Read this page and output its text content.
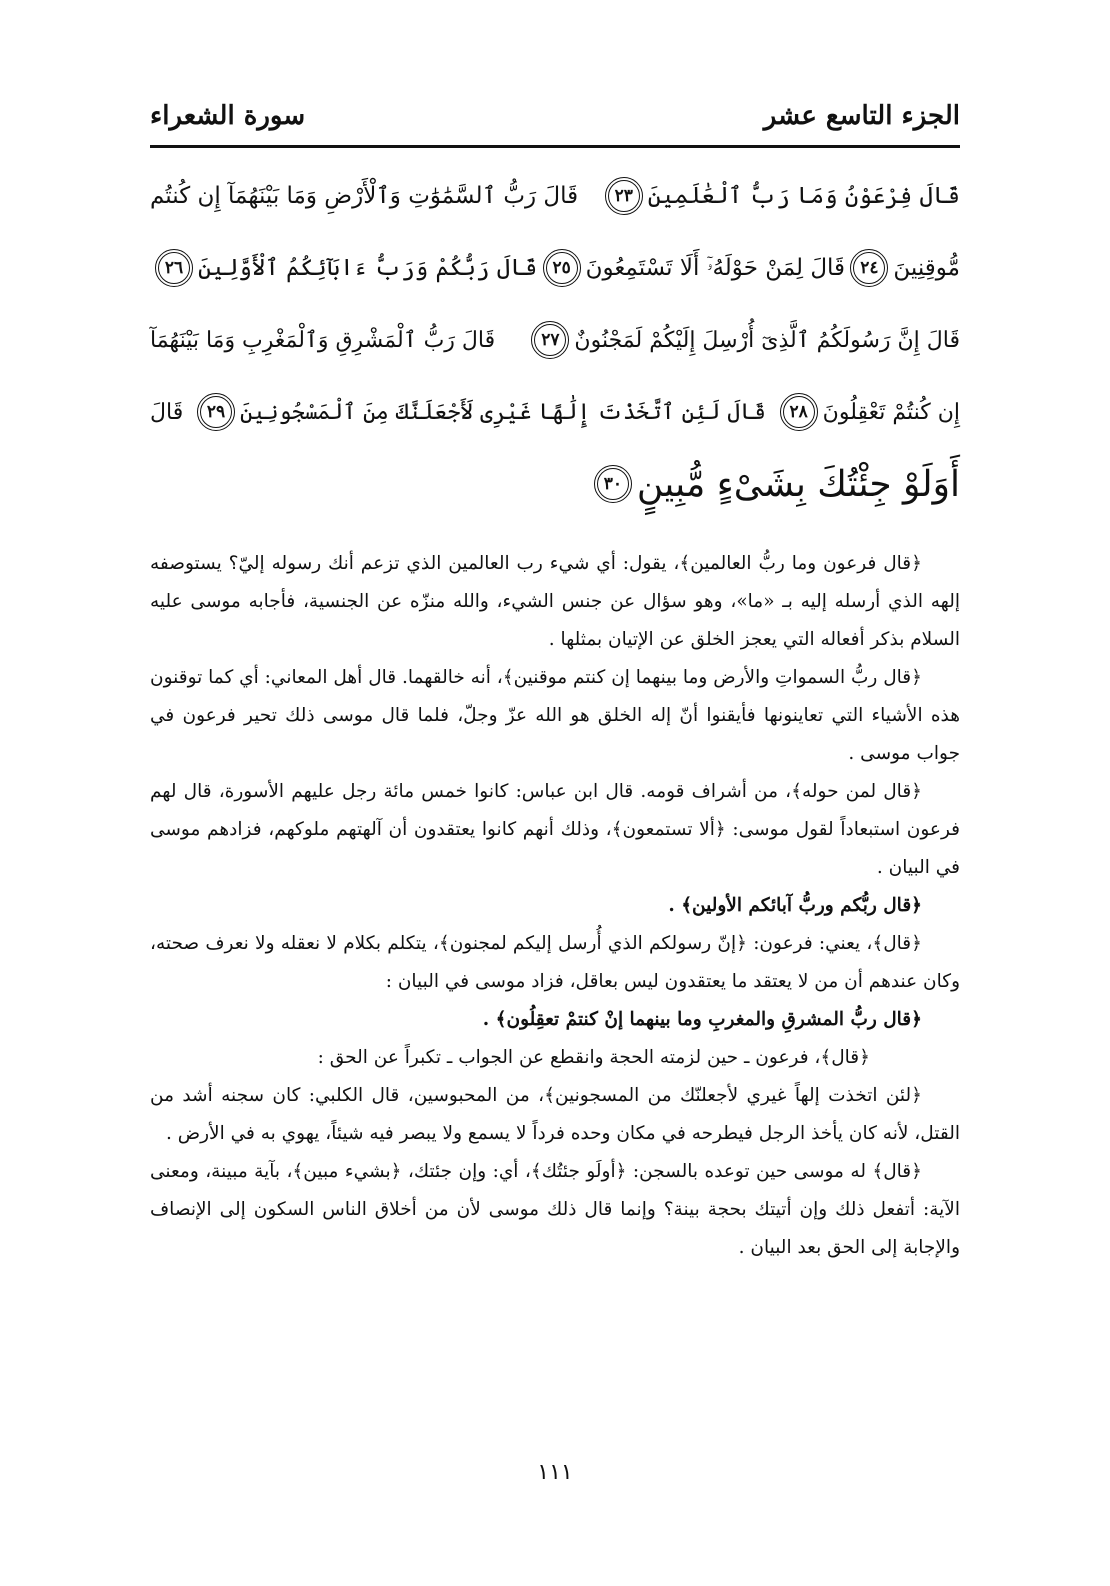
الجزء التاسع عشر
سورة الشعراء
قَالَ فِرْعَوْنُ وَمَا رَبُّ ٱلْعَٰلَمِينَ
٢٣
قَالَ رَبُّ ٱلسَّمَٰوَٰتِ وَٱلْأَرْضِ وَمَا بَيْنَهُمَآ إِن كُنتُم
مُّوقِنِينَ
٢٤
قَالَ لِمَنْ حَوْلَهُۥٓ أَلَا تَسْتَمِعُونَ
٢٥
قَالَ رَبُّكُمْ وَرَبُّ ءَابَآئِكُمُ ٱلْأَوَّلِينَ
٢٦
قَالَ إِنَّ رَسُولَكُمُ ٱلَّذِىٓ أُرْسِلَ إِلَيْكُمْ لَمَجْنُونٌ
٢٧
قَالَ رَبُّ ٱلْمَشْرِقِ وَٱلْمَغْرِبِ وَمَا بَيْنَهُمَآ
إِن كُنتُمْ تَعْقِلُونَ
٢٨
قَالَ لَئِنِ ٱتَّخَذْتَ إِلَٰهًا غَيْرِى لَأَجْعَلَنَّكَ مِنَ ٱلْمَسْجُونِينَ
٢٩
قَالَ
أَوَلَوْ جِئْتُكَ بِشَىْءٍ مُّبِينٍ
٣٠

﴿قال فرعون وما ربُّ العالمين﴾، يقول: أي شيء رب العالمين الذي تزعم أنك رسوله إليّ؟ يستوصفه إلهه الذي أرسله إليه بـ «ما»، وهو سؤال عن جنس الشيء، والله منزّه عن الجنسية، فأجابه موسى عليه السلام بذكر أفعاله التي يعجز الخلق عن الإتيان بمثلها .

﴿قال ربُّ السمواتِ والأرض وما بينهما إن كنتم موقنين﴾، أنه خالقهما. قال أهل المعاني: أي كما توقنون هذه الأشياء التي تعاينونها فأيقنوا أنّ إله الخلق هو الله عزّ وجلّ، فلما قال موسى ذلك تحير فرعون في جواب موسى .

﴿قال لمن حوله﴾، من أشراف قومه. قال ابن عباس: كانوا خمس مائة رجل عليهم الأسورة، قال لهم فرعون استبعاداً لقول موسى: ﴿ألا تستمعون﴾، وذلك أنهم كانوا يعتقدون أن آلهتهم ملوكهم، فزادهم موسى في البيان .

﴿قال ربُّكم وربُّ آبائكم الأولين﴾ .

﴿قال﴾، يعني: فرعون: ﴿إنّ رسولكم الذي أُرسل إليكم لمجنون﴾، يتكلم بكلام لا نعقله ولا نعرف صحته، وكان عندهم أن من لا يعتقد ما يعتقدون ليس بعاقل، فزاد موسى في البيان :

﴿قال ربُّ المشرقِ والمغربِ وما بينهما إنْ كنتمْ تعقِلُون﴾ .

﴿قال﴾، فرعون ـ حين لزمته الحجة وانقطع عن الجواب ـ تكبراً عن الحق :

﴿لئن اتخذت إلهاً غيري لأجعلنّك من المسجونين﴾، من المحبوسين، قال الكلبي: كان سجنه أشد من القتل، لأنه كان يأخذ الرجل فيطرحه في مكان وحده فرداً لا يسمع ولا يبصر فيه شيئاً، يهوي به في الأرض .

﴿قال﴾ له موسى حين توعده بالسجن: ﴿أولَو جئتُك﴾، أي: وإن جئتك، ﴿بشيء مبين﴾، بآية مبينة، ومعنى الآية: أتفعل ذلك وإن أتيتك بحجة بينة؟ وإنما قال ذلك موسى لأن من أخلاق الناس السكون إلى الإنصاف والإجابة إلى الحق بعد البيان .

١١١
